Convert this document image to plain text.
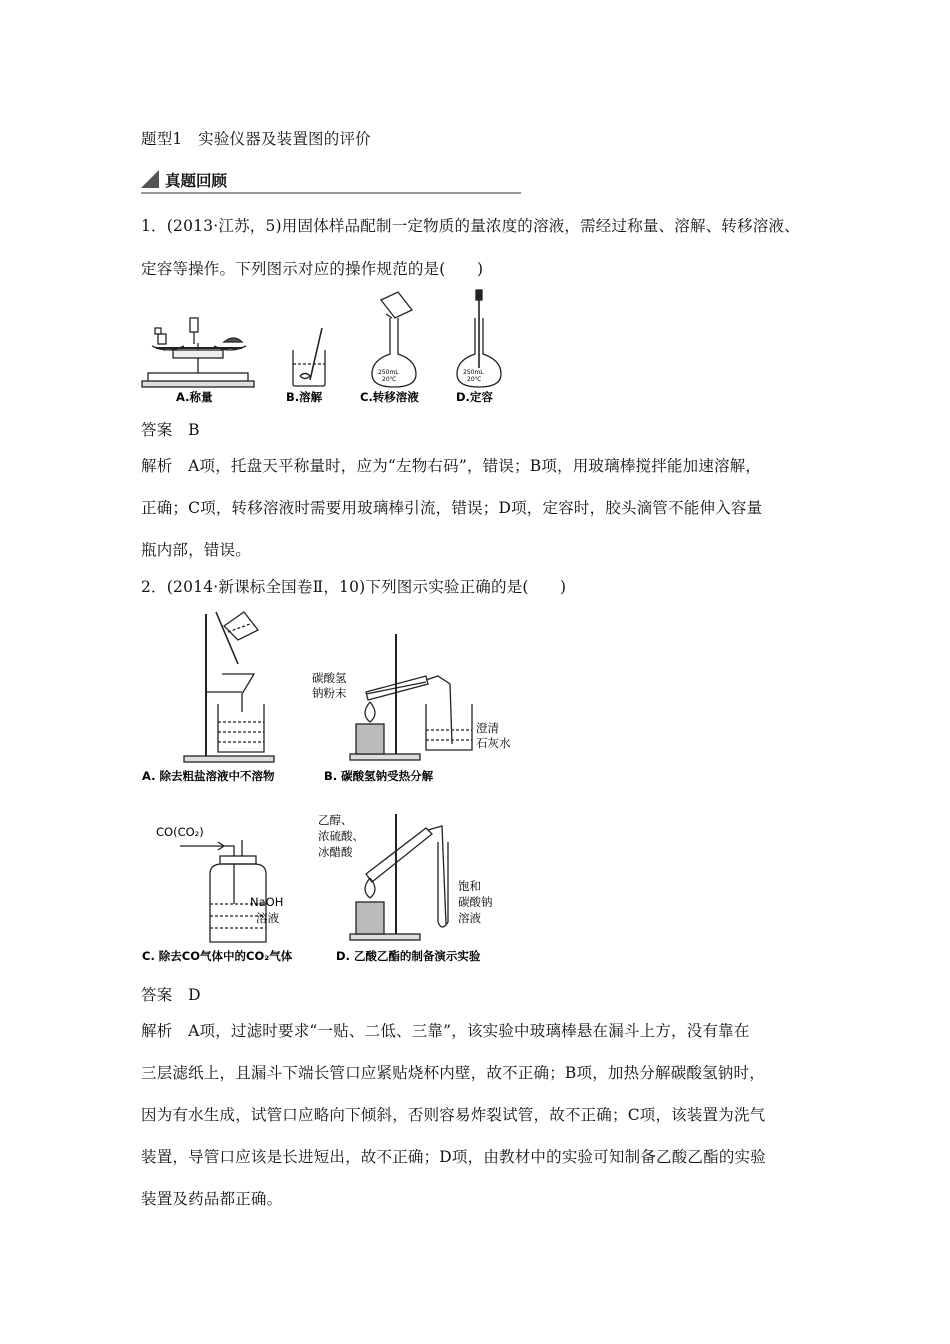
题型1　实验仪器及装置图的评价
真题回顾
1．(2013·江苏，5)用固体样品配制一定物质的量浓度的溶液，需经过称量、溶解、转移溶液、
定容等操作。下列图示对应的操作规范的是(　　)
A.称量	B.溶解
250mL
20℃
C.转移溶液
250mL
20℃
D.定容
答案　B
解析　A项，托盘天平称量时，应为“左物右码”，错误；B项，用玻璃棒搅拌能加速溶解，
正确；C项，转移溶液时需要用玻璃棒引流，错误；D项，定容时，胶头滴管不能伸入容量
瓶内部，错误。
2．(2014·新课标全国卷Ⅱ，10)下列图示实验正确的是(　　)
A. 除去粗盐溶液中不溶物
碳酸氢
钠粉末
澄清
石灰水
B. 碳酸氢钠受热分解
CO(CO₂)
NaOH
溶液
C. 除去CO气体中的CO₂气体
乙醇、
浓硫酸、
冰醋酸
饱和
碳酸钠
溶液
D. 乙酸乙酯的制备演示实验
答案　D
解析　A项，过滤时要求“一贴、二低、三靠”，该实验中玻璃棒悬在漏斗上方，没有靠在
三层滤纸上，且漏斗下端长管口应紧贴烧杯内壁，故不正确；B项，加热分解碳酸氢钠时，
因为有水生成，试管口应略向下倾斜，否则容易炸裂试管，故不正确；C项，该装置为洗气
装置，导管口应该是长进短出，故不正确；D项，由教材中的实验可知制备乙酸乙酯的实验
装置及药品都正确。
